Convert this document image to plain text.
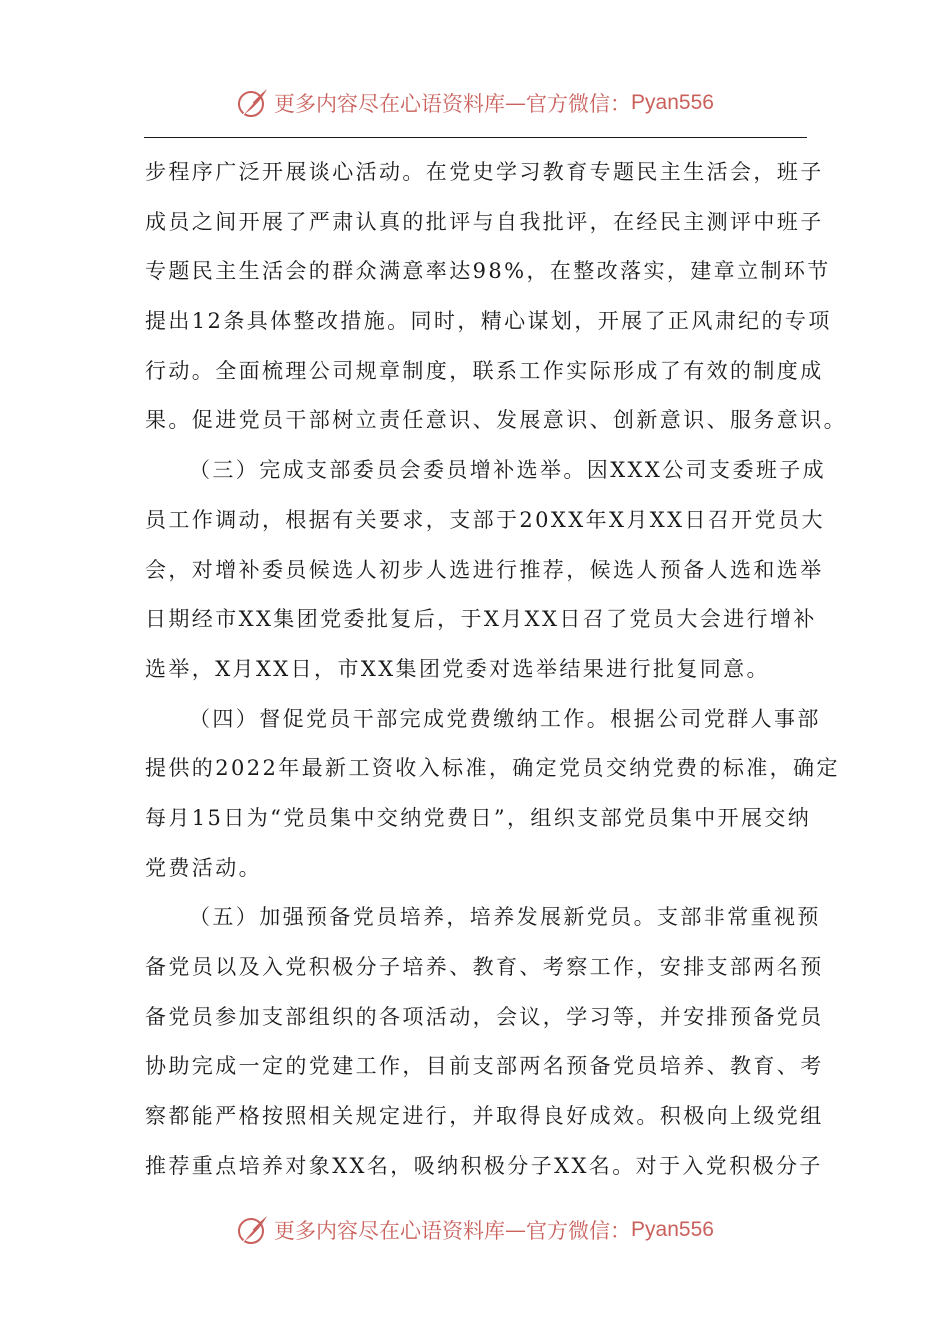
更多内容尽在心语资料库 — 官方微信： Pyan556
步程序广泛开展谈心活动。在党史学习教育专题民主生活会，班子
成员之间开展了严肃认真的批评与自我批评，在经民主测评中班子
专题民主生活会的群众满意率达98%，在整改落实，建章立制环节
提出12条具体整改措施。同时，精心谋划，开展了正风肃纪的专项
行动。全面梳理公司规章制度，联系工作实际形成了有效的制度成
果。促进党员干部树立责任意识、发展意识、创新意识、服务意识。
（三）完成支部委员会委员增补选举。因XXX公司支委班子成
员工作调动，根据有关要求，支部于20XX年X月XX日召开党员大
会，对增补委员候选人初步人选进行推荐，候选人预备人选和选举
日期经市XX集团党委批复后，于X月XX日召了党员大会进行增补
选举，X月XX日，市XX集团党委对选举结果进行批复同意。
（四）督促党员干部完成党费缴纳工作。根据公司党群人事部
提供的2022年最新工资收入标准，确定党员交纳党费的标准，确定
每月15日为“党员集中交纳党费日”，组织支部党员集中开展交纳
党费活动。
（五）加强预备党员培养，培养发展新党员。支部非常重视预
备党员以及入党积极分子培养、教育、考察工作，安排支部两名预
备党员参加支部组织的各项活动，会议，学习等，并安排预备党员
协助完成一定的党建工作，目前支部两名预备党员培养、教育、考
察都能严格按照相关规定进行，并取得良好成效。积极向上级党组
推荐重点培养对象XX名，吸纳积极分子XX名。对于入党积极分子
更多内容尽在心语资料库 — 官方微信： Pyan556
